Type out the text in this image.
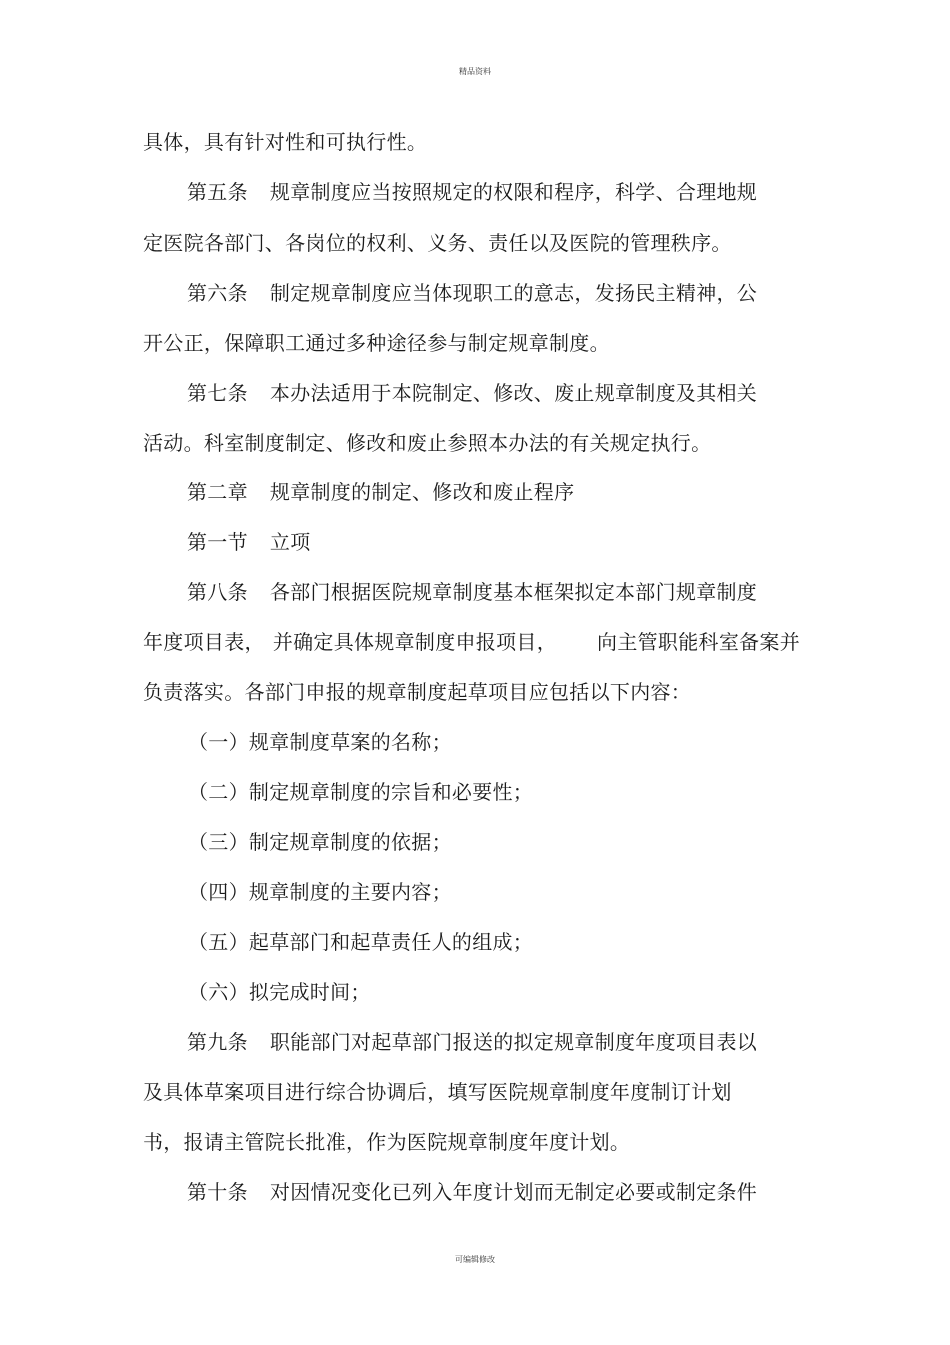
精品资料
具体，具有针对性和可执行性。
第五条 规章制度应当按照规定的权限和程序，科学、合理地规
定医院各部门、各岗位的权利、义务、责任以及医院的管理秩序。
第六条 制定规章制度应当体现职工的意志，发扬民主精神，公
开公正，保障职工通过多种途径参与制定规章制度。
第七条 本办法适用于本院制定、修改、废止规章制度及其相关
活动。科室制度制定、修改和废止参照本办法的有关规定执行。
第二章 规章制度的制定、修改和废止程序
第一节 立项
第八条 各部门根据医院规章制度基本框架拟定本部门规章制度
年度项目表， 并确定具体规章制度申报项目， 向主管职能科室备案并
负责落实。各部门申报的规章制度起草项目应包括以下内容：
（一）规章制度草案的名称；
（二）制定规章制度的宗旨和必要性；
（三）制定规章制度的依据；
（四）规章制度的主要内容；
（五）起草部门和起草责任人的组成；
（六）拟完成时间；
第九条 职能部门对起草部门报送的拟定规章制度年度项目表以
及具体草案项目进行综合协调后，填写医院规章制度年度制订计划
书，报请主管院长批准，作为医院规章制度年度计划。
第十条 对因情况变化已列入年度计划而无制定必要或制定条件
可编辑修改
